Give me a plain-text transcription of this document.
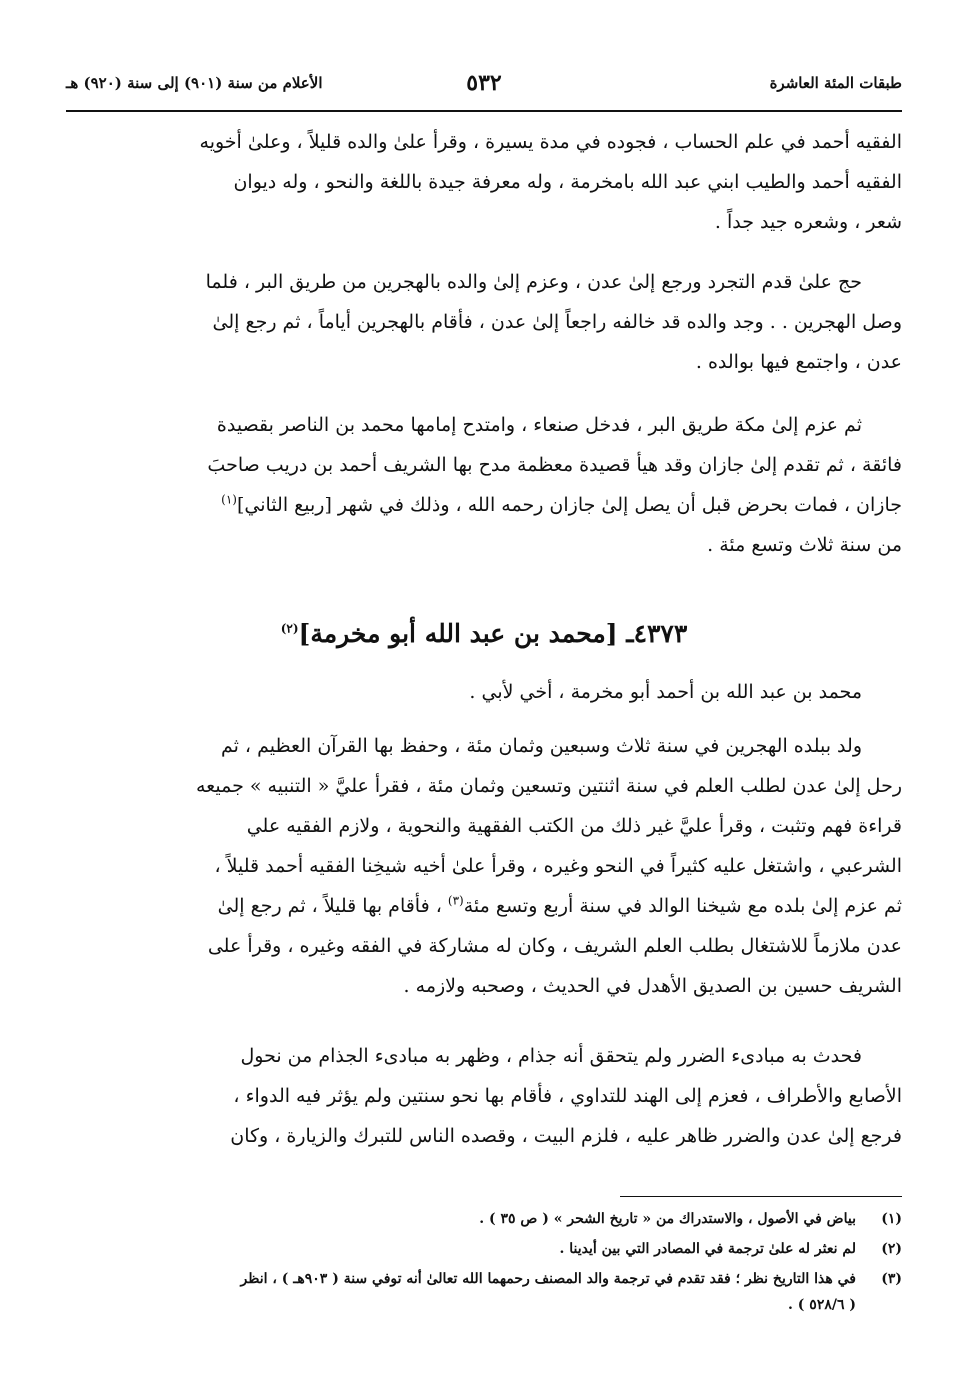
طبقات المئة العاشرة
٥٣٢
الأعلام من سنة (٩٠١) إلى سنة (٩٢٠) هـ
الفقيه أحمد في علم الحساب ، فجوده في مدة يسيرة ، وقرأ علىٰ والده قليلاً ، وعلىٰ أخويه
الفقيه أحمد والطيب ابني عبد الله بامخرمة ، وله معرفة جيدة باللغة والنحو ، وله ديوان
شعر ، وشعره جيد جداً .
حج علىٰ قدم التجرد ورجع إلىٰ عدن ، وعزم إلىٰ والده بالهجرين من طريق البر ، فلما
وصل الهجرين . . وجد والده قد خالفه راجعاً إلىٰ عدن ، فأقام بالهجرين أياماً ، ثم رجع إلىٰ
عدن ، واجتمع فيها بوالده .
ثم عزم إلىٰ مكة طريق البر ، فدخل صنعاء ، وامتدح إمامها محمد بن الناصر بقصيدة
فائقة ، ثم تقدم إلىٰ جازان وقد هيأ قصيدة معظمة مدح بها الشريف أحمد بن دريب صاحبَ
جازان ، فمات بحرض قبل أن يصل إلىٰ جازان رحمه الله ، وذلك في شهر [ربيع الثاني]$^{(١)}$
من سنة ثلاث وتسع مئة .
٤٣٧٣ـ [محمد بن عبد الله أبو مخرمة]$^{(٢)}$
محمد بن عبد الله بن أحمد أبو مخرمة ، أخي لأبي .
ولد ببلده الهجرين في سنة ثلاث وسبعين وثمان مئة ، وحفظ بها القرآن العظيم ، ثم
رحل إلىٰ عدن لطلب العلم في سنة اثنتين وتسعين وثمان مئة ، فقرأ عليَّ « التنبيه » جميعه
قراءة فهم وتثبت ، وقرأ عليَّ غير ذلك من الكتب الفقهية والنحوية ، ولازم الفقيه علي
الشرعبي ، واشتغل عليه كثيراً في النحو وغيره ، وقرأ علىٰ أخيه شيخِنا الفقيه أحمد قليلاً ،
ثم عزم إلىٰ بلده مع شيخنا الوالد في سنة أربع وتسع مئة$^{(٣)}$ ، فأقام بها قليلاً ، ثم رجع إلىٰ
عدن ملازماً للاشتغال بطلب العلم الشريف ، وكان له مشاركة في الفقه وغيره ، وقرأ على
الشريف حسين بن الصديق الأهدل في الحديث ، وصحبه ولازمه .
فحدث به مبادىء الضرر ولم يتحقق أنه جذام ، وظهر به مبادىء الجذام من نحول
الأصابع والأطراف ، فعزم إلى الهند للتداوي ، فأقام بها نحو سنتين ولم يؤثر فيه الدواء ،
فرجع إلىٰ عدن والضرر ظاهر عليه ، فلزم البيت ، وقصده الناس للتبرك والزيارة ، وكان
(١)بياض في الأصول ، والاستدراك من « تاريخ الشحر » ( ص ٣٥ ) .
(٢)لم نعثر له علىٰ ترجمة في المصادر التي بين أيدينا .
(٣)في هذا التاريخ نظر ؛ فقد تقدم في ترجمة والد المصنف رحمهما الله تعالىٰ أنه توفي سنة ( ٩٠٣هـ ) ، انظر
( ٥٢٨/٦ ) .
